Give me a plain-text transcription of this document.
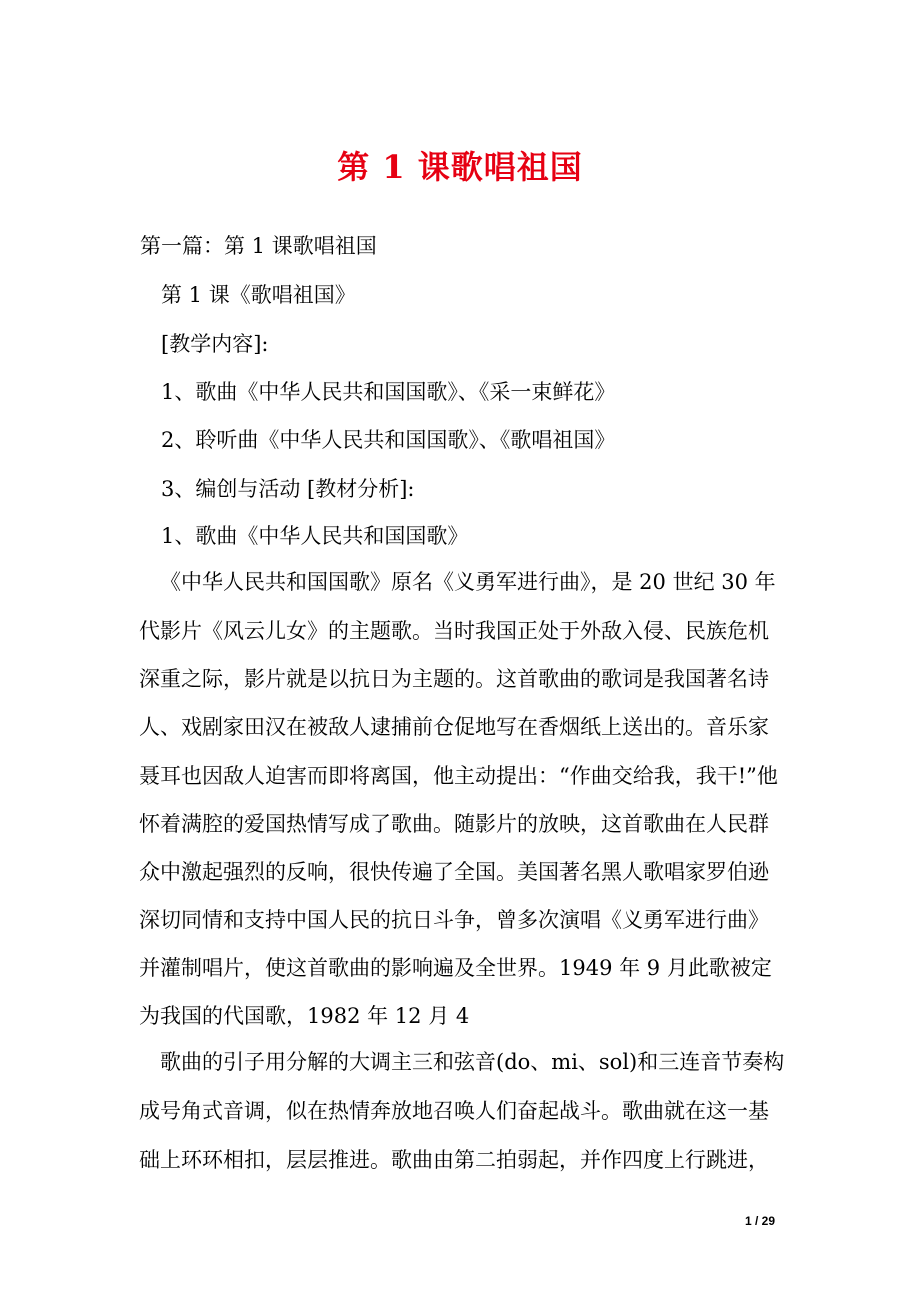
第 1 课歌唱祖国
第一篇：第 1 课歌唱祖国
第 1 课《歌唱祖国》
[教学内容]:
1、歌曲《中华人民共和国国歌》、《采一束鲜花》
2、聆听曲《中华人民共和国国歌》、《歌唱祖国》
3、编创与活动 [教材分析]:
1、歌曲《中华人民共和国国歌》
《中华人民共和国国歌》原名《义勇军进行曲》，是 20 世纪 30 年
代影片《风云儿女》的主题歌。当时我国正处于外敌入侵、民族危机
深重之际，影片就是以抗日为主题的。这首歌曲的歌词是我国著名诗
人、戏剧家田汉在被敌人逮捕前仓促地写在香烟纸上送出的。音乐家
聂耳也因敌人迫害而即将离国，他主动提出：“作曲交给我，我干!”他
怀着满腔的爱国热情写成了歌曲。随影片的放映，这首歌曲在人民群
众中激起强烈的反响，很快传遍了全国。美国著名黑人歌唱家罗伯逊
深切同情和支持中国人民的抗日斗争，曾多次演唱《义勇军进行曲》
并灌制唱片，使这首歌曲的影响遍及全世界。1949 年 9 月此歌被定
为我国的代国歌，1982 年 12 月 4
歌曲的引子用分解的大调主三和弦音(do、mi、sol)和三连音节奏构
成号角式音调，似在热情奔放地召唤人们奋起战斗。歌曲就在这一基
础上环环相扣，层层推进。歌曲由第二拍弱起，并作四度上行跳进，
1 / 29
